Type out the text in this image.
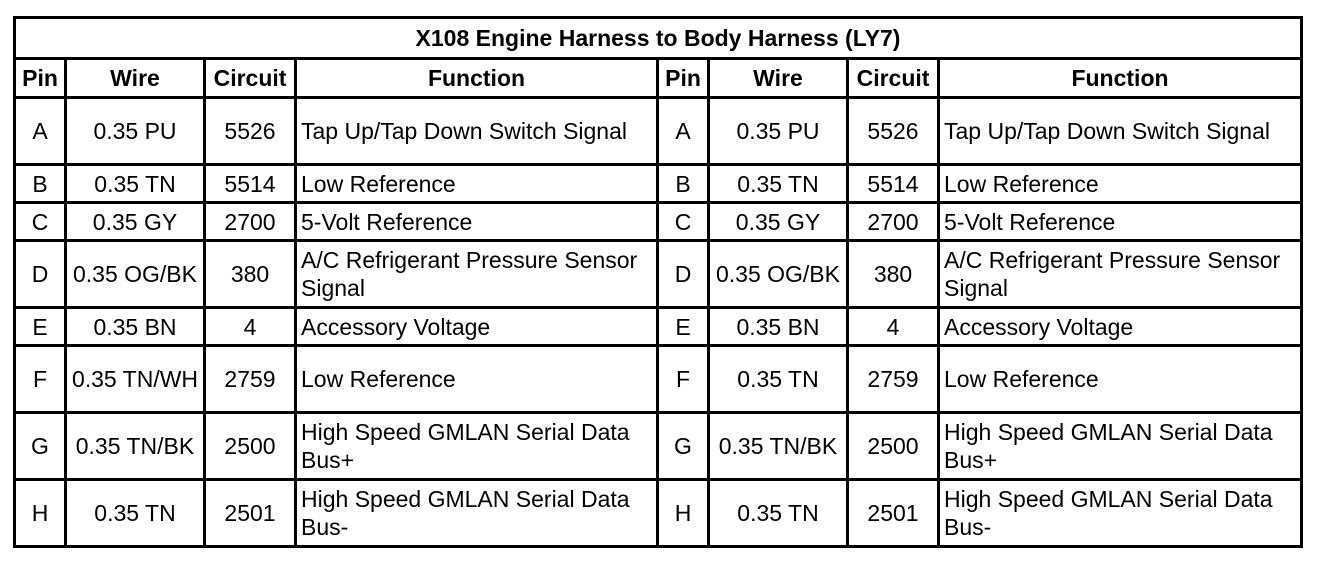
X108 Engine Harness to Body Harness (LY7)							
Pin	Wire	Circuit	Function	Pin	Wire	Circuit	Function
A	0.35 PU	5526	Tap Up/Tap Down Switch Signal	A	0.35 PU	5526	Tap Up/Tap Down Switch Signal
B	0.35 TN	5514	Low Reference	B	0.35 TN	5514	Low Reference
C	0.35 GY	2700	5-Volt Reference	C	0.35 GY	2700	5-Volt Reference
D	0.35 OG/BK	380	A/C Refrigerant Pressure Sensor Signal	D	0.35 OG/BK	380	A/C Refrigerant Pressure Sensor Signal
E	0.35 BN	4	Accessory Voltage	E	0.35 BN	4	Accessory Voltage
F	0.35 TN/WH	2759	Low Reference	F	0.35 TN	2759	Low Reference
G	0.35 TN/BK	2500	High Speed GMLAN Serial Data Bus+	G	0.35 TN/BK	2500	High Speed GMLAN Serial Data Bus+
H	0.35 TN	2501	High Speed GMLAN Serial Data Bus-	H	0.35 TN	2501	High Speed GMLAN Serial Data Bus-
